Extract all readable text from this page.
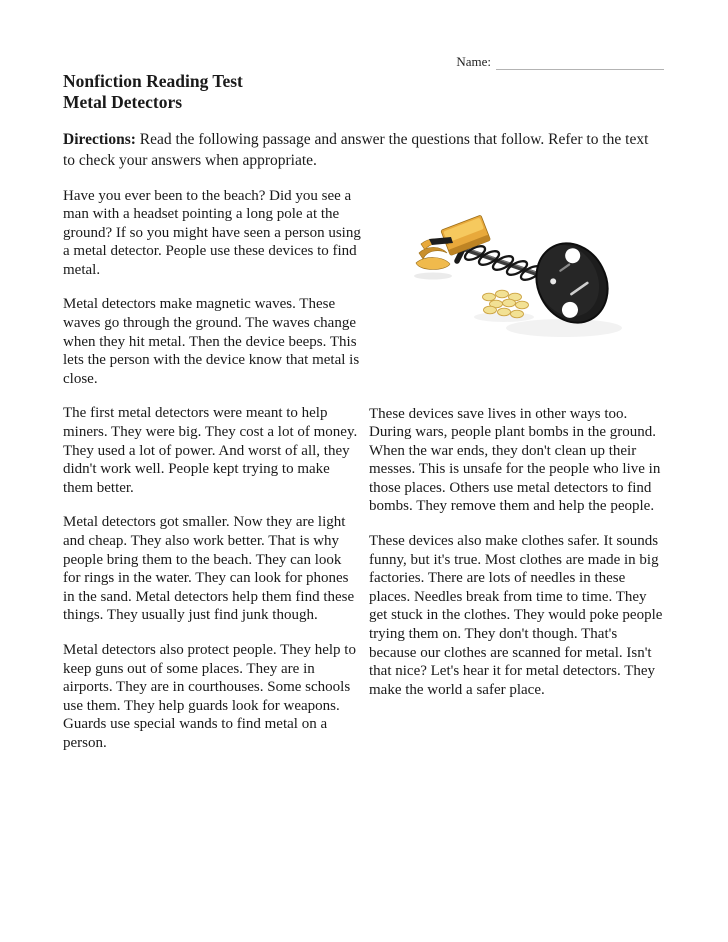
Name:
Nonfiction Reading Test
Metal Detectors

Directions: Read the following passage and answer the questions that follow. Refer to the text to check your answers when appropriate.

Have you ever been to the beach? Did you see a man with a headset pointing a long pole at the ground? If so you might have seen a person using a metal detector. People use these devices to find metal.

Metal detectors make magnetic waves. These waves go through the ground. The waves change when they hit metal. Then the device beeps. This lets the person with the device know that metal is close.

The first metal detectors were meant to help miners. They were big. They cost a lot of money. They used a lot of power. And worst of all, they didn't work well. People kept trying to make them better.

Metal detectors got smaller. Now they are light and cheap. They also work better. That is why people bring them to the beach. They can look for rings in the water. They can look for phones in the sand. Metal detectors help them find these things. They usually just find junk though.

Metal detectors also protect people. They help to keep guns out of some places. They are in airports. They are in courthouses. Some schools use them. They help guards look for weapons. Guards use special wands to find metal on a person.

These devices save lives in other ways too. During wars, people plant bombs in the ground. When the war ends, they don't clean up their messes. This is unsafe for the people who live in those places. Others use metal detectors to find bombs. They remove them and help the people.

These devices also make clothes safer. It sounds funny, but it's true. Most clothes are made in big factories. There are lots of needles in these places. Needles break from time to time. They get stuck in the clothes. They would poke people trying them on. They don't though. That's because our clothes are scanned for metal. Isn't that nice? Let's hear it for metal detectors. They make the world a safer place.
